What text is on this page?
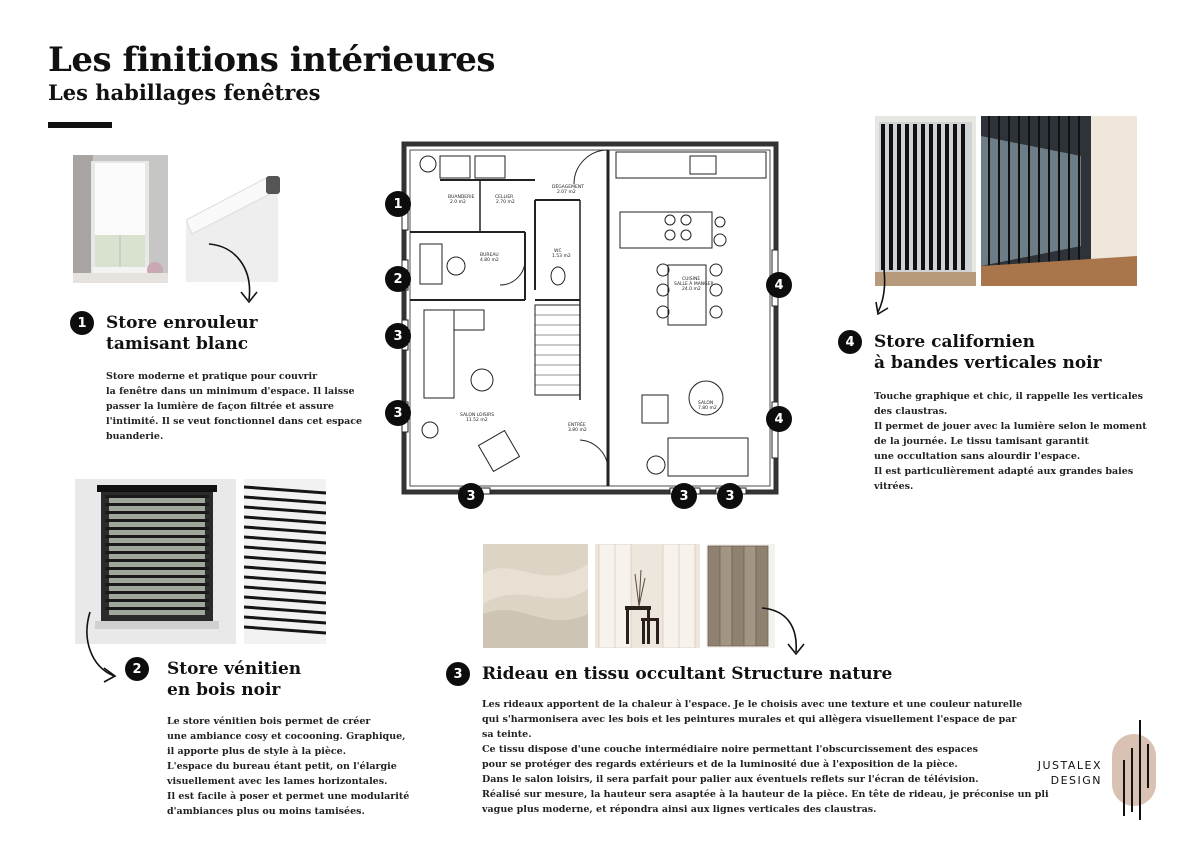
Les finitions intérieures
Les habillages fenêtres
1 Store enrouleur
tamisant blanc
Store moderne et pratique pour couvrir
la fenêtre dans un minimum d'espace. Il laisse
passer la lumière de façon filtrée et assure
l'intimité. Il se veut fonctionnel dans cet espace
buanderie.
2 Store vénitien
en bois noir
Le store vénitien bois permet de créer
une ambiance cosy et cocooning. Graphique,
il apporte plus de style à la pièce.
L'espace du bureau étant petit, on l'élargie
visuellement avec les lames horizontales.
Il est facile à poser et permet une modularité
d'ambiances plus ou moins tamisées.
BUANDERIE
2.0 m2
CELLIER
2.70 m2
DÉGAGEMENT
2.07 m2
BUREAU
4.80 m2
WC
1.53 m2
CUISINE
SALLE À MANGER
24.0 m2
SALON LOISIRS
11.52 m2
ENTRÉE
3.80 m2
SALON
7.80 m2
1
2
3
3
3	3	3
4
4
4 Store californien
à bandes verticales noir
Touche graphique et chic, il rappelle les verticales
des claustras.
Il permet de jouer avec la lumière selon le moment
de la journée. Le tissu tamisant garantit
une occultation sans alourdir l'espace.
Il est particulièrement adapté aux grandes baies
vitrées.
3 Rideau en tissu occultant Structure nature
Les rideaux apportent de la chaleur à l'espace. Je le choisis avec une texture et une couleur naturelle
qui s'harmonisera avec les bois et les peintures murales et qui allègera visuellement l'espace de par
sa teinte.
Ce tissu dispose d'une couche intermédiaire noire permettant l'obscurcissement des espaces
pour se protéger des regards extérieurs et de la luminosité due à l'exposition de la pièce.
Dans le salon loisirs, il sera parfait pour palier aux éventuels reflets sur l'écran de télévision.
Réalisé sur mesure, la hauteur sera asaptée à la hauteur de la pièce. En tête de rideau, je préconise un pli
vague plus moderne, et répondra ainsi aux lignes verticales des claustras.
JUSTALEX
DESIGN
